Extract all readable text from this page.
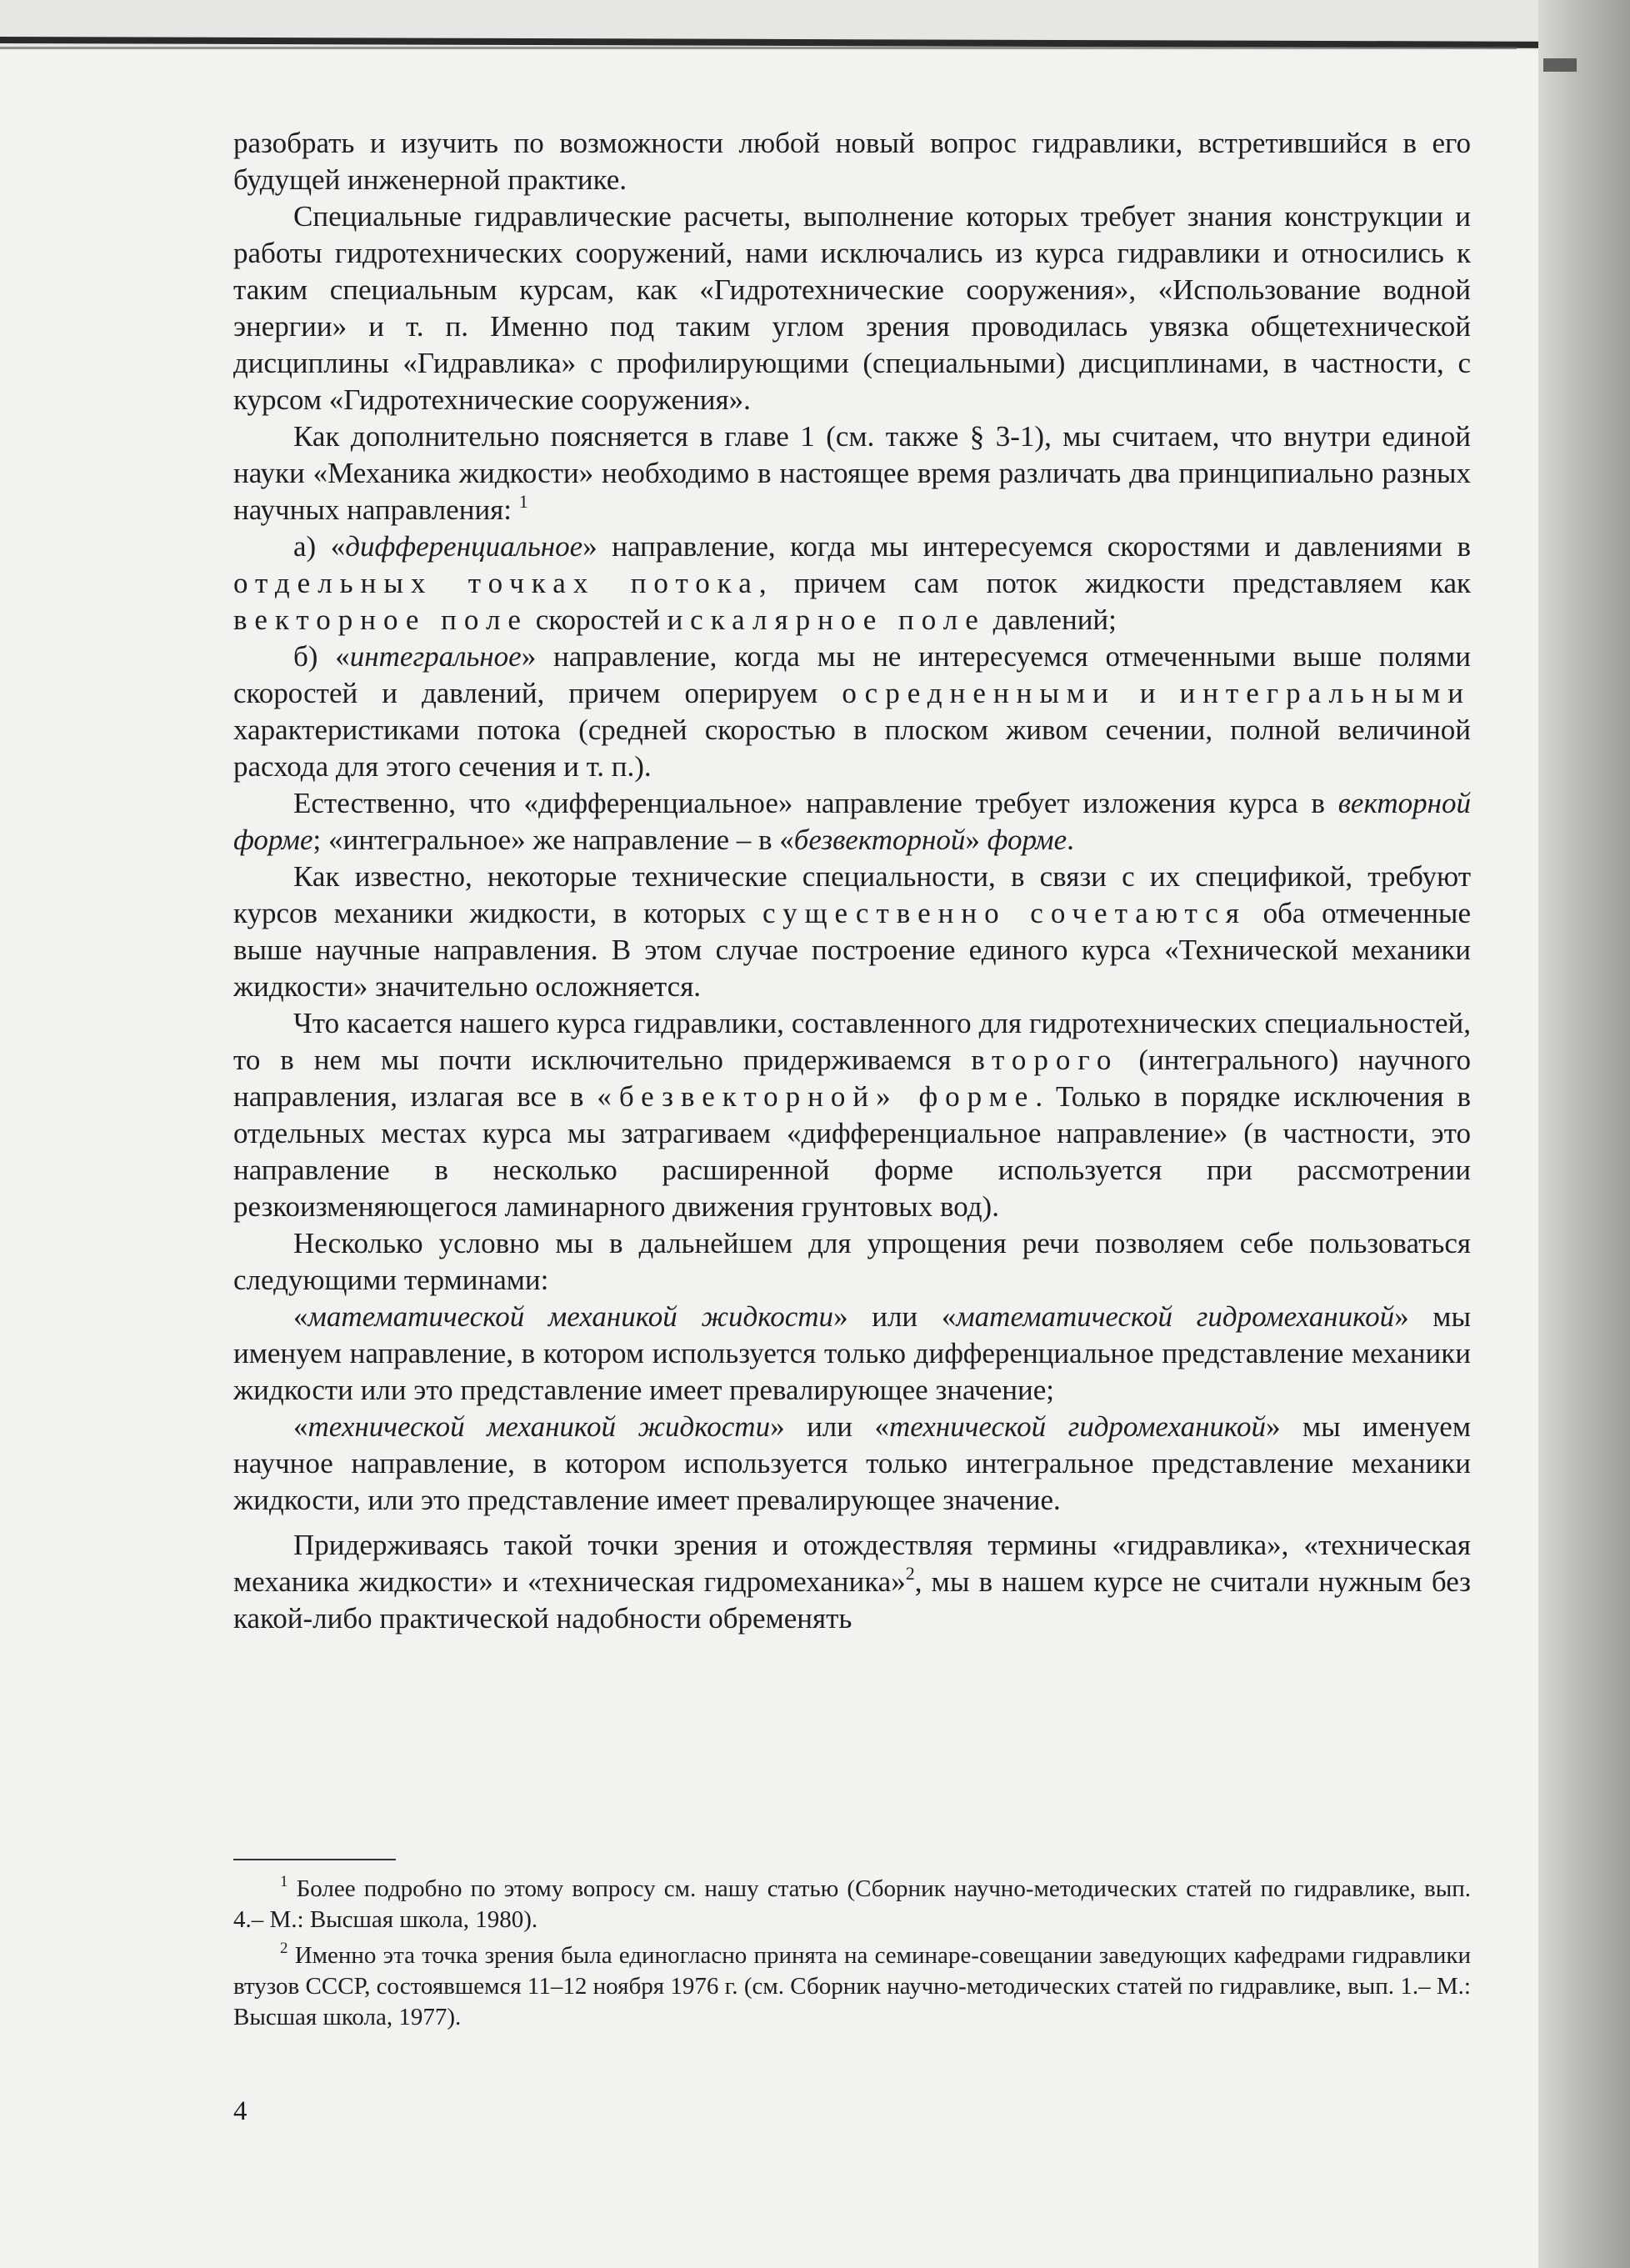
разобрать и изучить по возможности любой новый вопрос гидравлики, встретившийся в его будущей инженерной практике.

Специальные гидравлические расчеты, выполнение которых требует знания конструкции и работы гидротехнических сооружений, нами исключались из курса гидравлики и относились к таким специальным курсам, как «Гидротехнические сооружения», «Использование водной энергии» и т. п. Именно под таким углом зрения проводилась увязка общетехнической дисциплины «Гидравлика» с профилирующими (специальными) дисциплинами, в частности, с курсом «Гидротехнические сооружения».

Как дополнительно поясняется в главе 1 (см. также § 3-1), мы считаем, что внутри единой науки «Механика жидкости» необходимо в настоящее время различать два принципиально разных научных направления: $^1$

а) «дифференциальное» направление, когда мы интересуемся скоростями и давлениями в отдельных точках потока, причем сам поток жидкости представляем как векторное поле скоростей и скалярное поле давлений;

б) «интегральное» направление, когда мы не интересуемся отмеченными выше полями скоростей и давлений, причем оперируем осредненными и интегральными характеристиками потока (средней скоростью в плоском живом сечении, полной величиной расхода для этого сечения и т. п.).

Естественно, что «дифференциальное» направление требует изложения курса в векторной форме; «интегральное» же направление – в «безвекторной» форме.

Как известно, некоторые технические специальности, в связи с их спецификой, требуют курсов механики жидкости, в которых существенно сочетаются оба отмеченные выше научные направления. В этом случае построение единого курса «Технической механики жидкости» значительно осложняется.

Что касается нашего курса гидравлики, составленного для гидротехнических специальностей, то в нем мы почти исключительно придерживаемся второго (интегрального) научного направления, излагая все в «безвекторной» форме. Только в порядке исключения в отдельных местах курса мы затрагиваем «дифференциальное направление» (в частности, это направление в несколько расширенной форме используется при рассмотрении резкоизменяющегося ламинарного движения грунтовых вод).

Несколько условно мы в дальнейшем для упрощения речи позволяем себе пользоваться следующими терминами:

«математической механикой жидкости» или «математической гидромеханикой» мы именуем направление, в котором используется только дифференциальное представление механики жидкости или это представление имеет превалирующее значение;

«технической механикой жидкости» или «технической гидромеханикой» мы именуем научное направление, в котором используется только интегральное представление механики жидкости, или это представление имеет превалирующее значение.

Придерживаясь такой точки зрения и отождествляя термины «гидравлика», «техническая механика жидкости» и «техническая гидромеханика»$^2$, мы в нашем курсе не считали нужным без какой-либо практической надобности обременять

$^1$ Более подробно по этому вопросу см. нашу статью (Сборник научно-методических статей по гидравлике, вып. 4.– М.: Высшая школа, 1980).

$^2$ Именно эта точка зрения была единогласно принята на семинаре-совещании заведующих кафедрами гидравлики втузов СССР, состоявшемся 11–12 ноября 1976 г. (см. Сборник научно-методических статей по гидравлике, вып. 1.– М.: Высшая школа, 1977).

4
